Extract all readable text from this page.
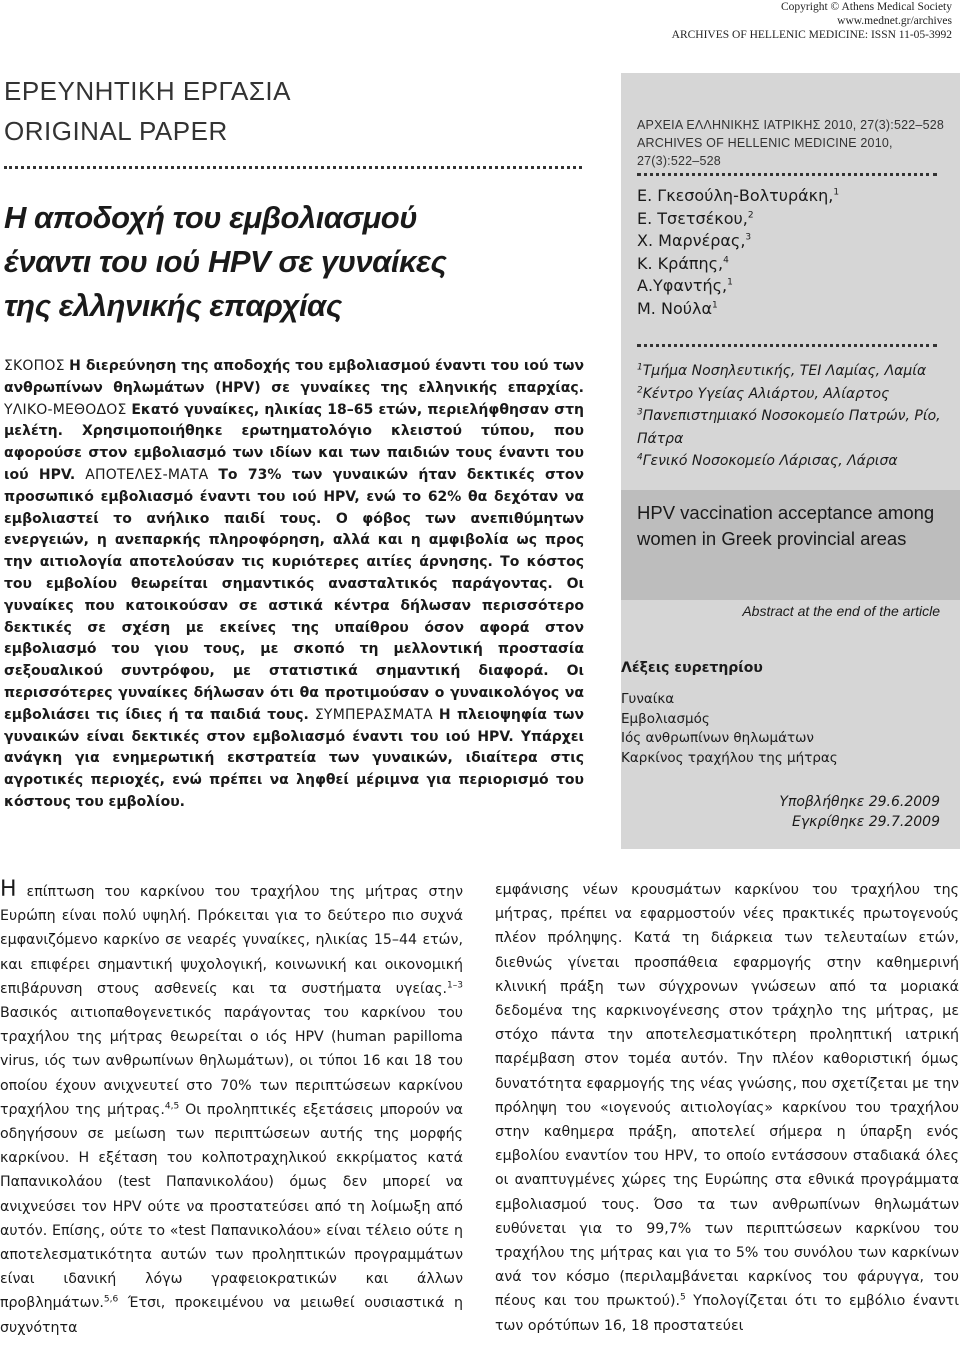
Copyright © Athens Medical Society
www.mednet.gr/archives
ARCHIVES OF HELLENIC MEDICINE: ISSN 11-05-3992
ΕΡΕΥΝΗΤΙΚΗ ΕΡΓΑΣΙΑ
ORIGINAL PAPER
Η αποδοχή του εμβολιασμού
έναντι του ιού HPV σε γυναίκες
της ελληνικής επαρχίας
ΣΚΟΠΟΣ Η διερεύνηση της αποδοχής του εμβολιασμού έναντι του ιού των ανθρωπίνων θηλωμάτων (HPV) σε γυναίκες της ελληνικής επαρχίας. ΥΛΙΚΟ-ΜΕΘΟΔΟΣ Εκατό γυναίκες, ηλικίας 18–65 ετών, περιελήφθησαν στη μελέτη. Χρησιμοποιήθηκε ερωτηματολόγιο κλειστού τύπου, που αφορούσε στον εμβολιασμό των ιδίων και των παιδιών τους έναντι του ιού HPV. ΑΠΟΤΕΛΕΣ-ΜΑΤΑ Το 73% των γυναικών ήταν δεκτικές στον προσωπικό εμβολιασμό έναντι του ιού HPV, ενώ το 62% θα δεχόταν να εμβολιαστεί το ανήλικο παιδί τους. Ο φόβος των ανεπιθύμητων ενεργειών, η ανεπαρκής πληροφόρηση, αλλά και η αμφιβολία ως προς την αιτιολογία αποτελούσαν τις κυριότερες αιτίες άρνησης. Το κόστος του εμβολίου θεωρείται σημαντικός ανασταλτικός παράγοντας. Οι γυναίκες που κατοικούσαν σε αστικά κέντρα δήλωσαν περισσότερο δεκτικές σε σχέση με εκείνες της υπαίθρου όσον αφορά στον εμβολιασμό του γιου τους, με σκοπό τη μελλοντική προστασία σεξουαλικού συντρόφου, με στατιστικά σημαντική διαφορά. Οι περισσότερες γυναίκες δήλωσαν ότι θα προτιμούσαν ο γυναικολόγος να εμβολιάσει τις ίδιες ή τα παιδιά τους. ΣΥΜΠΕΡΑΣΜΑΤΑ Η πλειοψηφία των γυναικών είναι δεκτικές στον εμβολιασμό έναντι του ιού HPV. Υπάρχει ανάγκη για ενημερωτική εκστρατεία των γυναικών, ιδιαίτερα στις αγροτικές περιοχές, ενώ πρέπει να ληφθεί μέριμνα για περιορισμό του κόστους του εμβολίου.
ΑΡΧΕΙΑ ΕΛΛΗΝΙΚΗΣ ΙΑΤΡΙΚΗΣ 2010, 27(3):522–528
ARCHIVES OF HELLENIC MEDICINE 2010, 27(3):522–528
Ε. Γκεσούλη-Βολτυράκη,$^1$
Ε. Τσετσέκου,$^2$
Χ. Μαρνέρας,$^3$
Κ. Κράπης,$^4$
Α.Υφαντής,$^1$
Μ. Νούλα$^1$
$^1$Τμήμα Νοσηλευτικής, ΤΕΙ Λαμίας, Λαμία
$^2$Κέντρο Υγείας Αλιάρτου, Αλίαρτος
$^3$Πανεπιστημιακό Νοσοκομείο Πατρών, Ρίο, Πάτρα
$^4$Γενικό Νοσοκομείο Λάρισας, Λάρισα
HPV vaccination acceptance among women in Greek provincial areas
Abstract at the end of the article
Λέξεις ευρετηρίου
Γυναίκα
Εμβολιασμός
Ιός ανθρωπίνων θηλωμάτων
Καρκίνος τραχήλου της μήτρας
Υποβλήθηκε 29.6.2009
Εγκρίθηκε 29.7.2009
Η επίπτωση του καρκίνου του τραχήλου της μήτρας στην Ευρώπη είναι πολύ υψηλή. Πρόκειται για το δεύτερο πιο συχνά εμφανιζόμενο καρκίνο σε νεαρές γυναίκες, ηλικίας 15–44 ετών, και επιφέρει σημαντική ψυχολογική, κοινωνική και οικονομική επιβάρυνση στους ασθενείς και τα συστήματα υγείας.$^{1-3}$ Βασικός αιτιοπαθογενετικός παράγοντας του καρκίνου του τραχήλου της μήτρας θεωρείται ο ιός HPV (human papilloma virus, ιός των ανθρωπίνων θηλωμάτων), οι τύποι 16 και 18 του οποίου έχουν ανιχνευτεί στο 70% των περιπτώσεων καρκίνου τραχήλου της μήτρας.$^{4,5}$ Οι προληπτικές εξετάσεις μπορούν να οδηγήσουν σε μείωση των περιπτώσεων αυτής της μορφής καρκίνου. Η εξέταση του κολποτραχηλικού εκκρίματος κατά Παπανικολάου (test Παπανικολάου) όμως δεν μπορεί να ανιχνεύσει τον HPV ούτε να προστατεύσει από τη λοίμωξη από αυτόν. Επίσης, ούτε το «test Παπανικολάου» είναι τέλειο ούτε η αποτελεσματικότητα αυτών των προληπτικών προγραμμάτων είναι ιδανική λόγω γραφειοκρατικών και άλλων προβλημάτων.$^{5,6}$ Έτσι, προκειμένου να μειωθεί ουσιαστικά η συχνότητα
εμφάνισης νέων κρουσμάτων καρκίνου του τραχήλου της μήτρας, πρέπει να εφαρμοστούν νέες πρακτικές πρωτογενούς πλέον πρόληψης. Κατά τη διάρκεια των τελευταίων ετών, διεθνώς γίνεται προσπάθεια εφαρμογής στην καθημερινή κλινική πράξη των σύγχρονων γνώσεων από τα μοριακά δεδομένα της καρκινογένεσης στον τράχηλο της μήτρας, με στόχο πάντα την αποτελεσματικότερη προληπτική ιατρική παρέμβαση στον τομέα αυτόν. Την πλέον καθοριστική όμως δυνατότητα εφαρμογής της νέας γνώσης, που σχετίζεται με την πρόληψη του «ιογενούς αιτιολογίας» καρκίνου του τραχήλου στην καθημερα πράξη, αποτελεί σήμερα η ύπαρξη ενός εμβολίου εναντίον του HPV, το οποίο εντάσσουν σταδιακά όλες οι αναπτυγμένες χώρες της Ευρώπης στα εθνικά προγράμματα εμβολιασμού τους. Όσο τα των ανθρωπίνων θηλωμάτων ευθύνεται για το 99,7% των περιπτώσεων καρκίνου του τραχήλου της μήτρας και για το 5% του συνόλου των καρκίνων ανά τον κόσμο (περιλαμβάνεται καρκίνος του φάρυγγα, του πέους και του πρωκτού).$^5$ Υπολογίζεται ότι το εμβόλιο έναντι των ορότύπων 16, 18 προστατεύει
